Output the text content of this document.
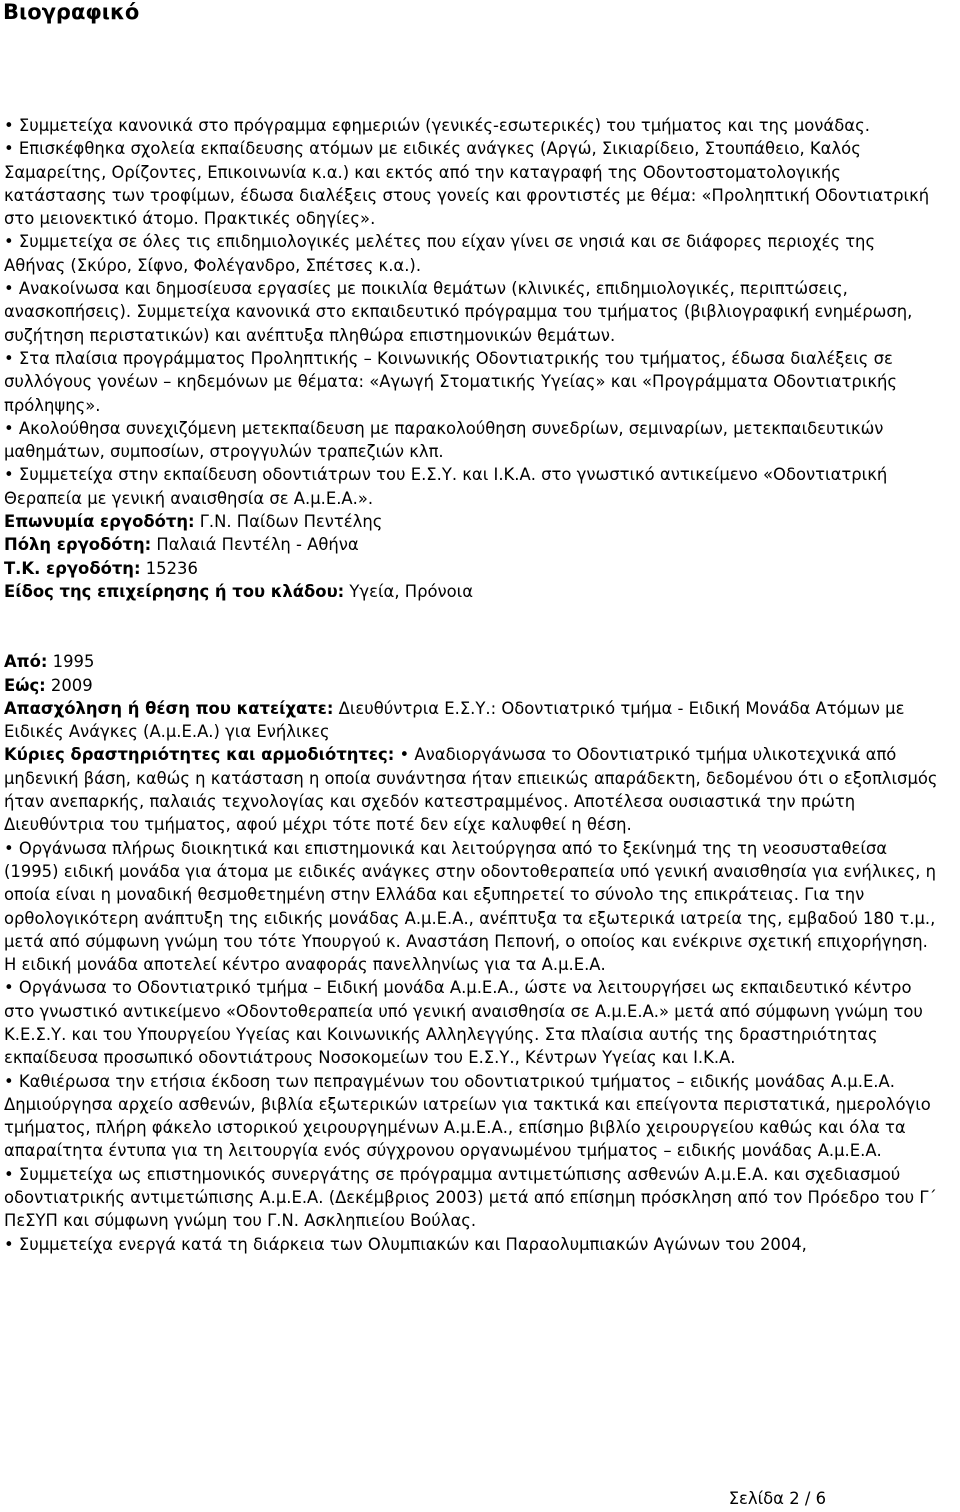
Βιογραφικό

• Συμμετείχα κανονικά στο πρόγραμμα εφημεριών (γενικές-εσωτερικές) του τμήματος και της μονάδας.

• Επισκέφθηκα σχολεία εκπαίδευσης ατόμων με ειδικές ανάγκες (Αργώ, Σικιαρίδειο, Στουπάθειο, Καλός Σαμαρείτης, Ορίζοντες, Επικοινωνία κ.α.) και εκτός από την καταγραφή της Οδοντοστοματολογικής κατάστασης των τροφίμων, έδωσα διαλέξεις στους γονείς και φροντιστές με θέμα: «Προληπτική Οδοντιατρική στο μειονεκτικό άτομο. Πρακτικές οδηγίες».

• Συμμετείχα σε όλες τις επιδημιολογικές μελέτες που είχαν γίνει σε νησιά και σε διάφορες περιοχές της Αθήνας (Σκύρο, Σίφνο, Φολέγανδρο, Σπέτσες κ.α.).

• Ανακοίνωσα και δημοσίευσα εργασίες με ποικιλία θεμάτων (κλινικές, επιδημιολογικές, περιπτώσεις, ανασκοπήσεις). Συμμετείχα κανονικά στο εκπαιδευτικό πρόγραμμα του τμήματος (βιβλιογραφική ενημέρωση, συζήτηση περιστατικών) και ανέπτυξα πληθώρα επιστημονικών θεμάτων.

• Στα πλαίσια προγράμματος Προληπτικής – Κοινωνικής Οδοντιατρικής του τμήματος, έδωσα διαλέξεις σε συλλόγους γονέων – κηδεμόνων με θέματα: «Αγωγή Στοματικής Υγείας» και «Προγράμματα Οδοντιατρικής πρόληψης».

• Ακολούθησα συνεχιζόμενη μετεκπαίδευση με παρακολούθηση συνεδρίων, σεμιναρίων, μετεκπαιδευτικών μαθημάτων, συμποσίων, στρογγυλών τραπεζιών κλπ.

• Συμμετείχα στην εκπαίδευση οδοντιάτρων του Ε.Σ.Υ. και Ι.Κ.Α. στο γνωστικό αντικείμενο «Οδοντιατρική Θεραπεία με γενική αναισθησία σε Α.μ.Ε.Α.».

Επωνυμία εργοδότη: Γ.Ν. Παίδων Πεντέλης

Πόλη εργοδότη: Παλαιά Πεντέλη - Αθήνα

Τ.Κ. εργοδότη: 15236

Είδος της επιχείρησης ή του κλάδου: Υγεία, Πρόνοια

Από: 1995

Εώς: 2009

Απασχόληση ή θέση που κατείχατε: Διευθύντρια Ε.Σ.Υ.: Οδοντιατρικό τμήμα - Ειδική Μονάδα Ατόμων με Ειδικές Ανάγκες (Α.μ.Ε.Α.) για Ενήλικες

Κύριες δραστηριότητες και αρμοδιότητες: • Αναδιοργάνωσα το Οδοντιατρικό τμήμα υλικοτεχνικά από μηδενική βάση, καθώς η κατάσταση η οποία συνάντησα ήταν επιεικώς απαράδεκτη, δεδομένου ότι ο εξοπλισμός ήταν ανεπαρκής, παλαιάς τεχνολογίας και σχεδόν κατεστραμμένος. Αποτέλεσα ουσιαστικά την πρώτη Διευθύντρια του τμήματος, αφού μέχρι τότε ποτέ δεν είχε καλυφθεί η θέση.

• Οργάνωσα πλήρως διοικητικά και επιστημονικά και λειτούργησα από το ξεκίνημά της τη νεοσυσταθείσα (1995) ειδική μονάδα για άτομα με ειδικές ανάγκες στην οδοντοθεραπεία υπό γενική αναισθησία για ενήλικες, η οποία είναι η μοναδική θεσμοθετημένη στην Ελλάδα και εξυπηρετεί το σύνολο της επικράτειας. Για την ορθολογικότερη ανάπτυξη της ειδικής μονάδας Α.μ.Ε.Α., ανέπτυξα τα εξωτερικά ιατρεία της, εμβαδού 180 τ.μ., μετά από σύμφωνη γνώμη του τότε Υπουργού κ. Αναστάση Πεπονή, ο οποίος και ενέκρινε σχετική επιχορήγηση. Η ειδική μονάδα αποτελεί κέντρο αναφοράς πανελληνίως για τα Α.μ.Ε.Α.

• Οργάνωσα το Οδοντιατρικό τμήμα – Ειδική μονάδα Α.μ.Ε.Α., ώστε να λειτουργήσει ως εκπαιδευτικό κέντρο στο γνωστικό αντικείμενο «Οδοντοθεραπεία υπό γενική αναισθησία σε Α.μ.Ε.Α.» μετά από σύμφωνη γνώμη του Κ.Ε.Σ.Υ. και του Υπουργείου Υγείας και Κοινωνικής Αλληλεγγύης. Στα πλαίσια αυτής της δραστηριότητας εκπαίδευσα προσωπικό οδοντιάτρους Νοσοκομείων του Ε.Σ.Υ., Κέντρων Υγείας και Ι.Κ.Α.

• Καθιέρωσα την ετήσια έκδοση των πεπραγμένων του οδοντιατρικού τμήματος – ειδικής μονάδας Α.μ.Ε.Α. Δημιούργησα αρχείο ασθενών, βιβλία εξωτερικών ιατρείων για τακτικά και επείγοντα περιστατικά, ημερολόγιο τμήματος, πλήρη φάκελο ιστορικού χειρουργημένων Α.μ.Ε.Α., επίσημο βιβλίο χειρουργείου καθώς και όλα τα απαραίτητα έντυπα για τη λειτουργία ενός σύγχρονου οργανωμένου τμήματος – ειδικής μονάδας Α.μ.Ε.Α.

• Συμμετείχα ως επιστημονικός συνεργάτης σε πρόγραμμα αντιμετώπισης ασθενών Α.μ.Ε.Α. και σχεδιασμού οδοντιατρικής αντιμετώπισης Α.μ.Ε.Α. (Δεκέμβριος 2003) μετά από επίσημη πρόσκληση από τον Πρόεδρο του Γ΄ ΠεΣΥΠ και σύμφωνη γνώμη του Γ.Ν. Ασκληπιείου Βούλας.

• Συμμετείχα ενεργά κατά τη διάρκεια των Ολυμπιακών και Παραολυμπιακών Αγώνων του 2004,

Σελίδα 2 / 6
